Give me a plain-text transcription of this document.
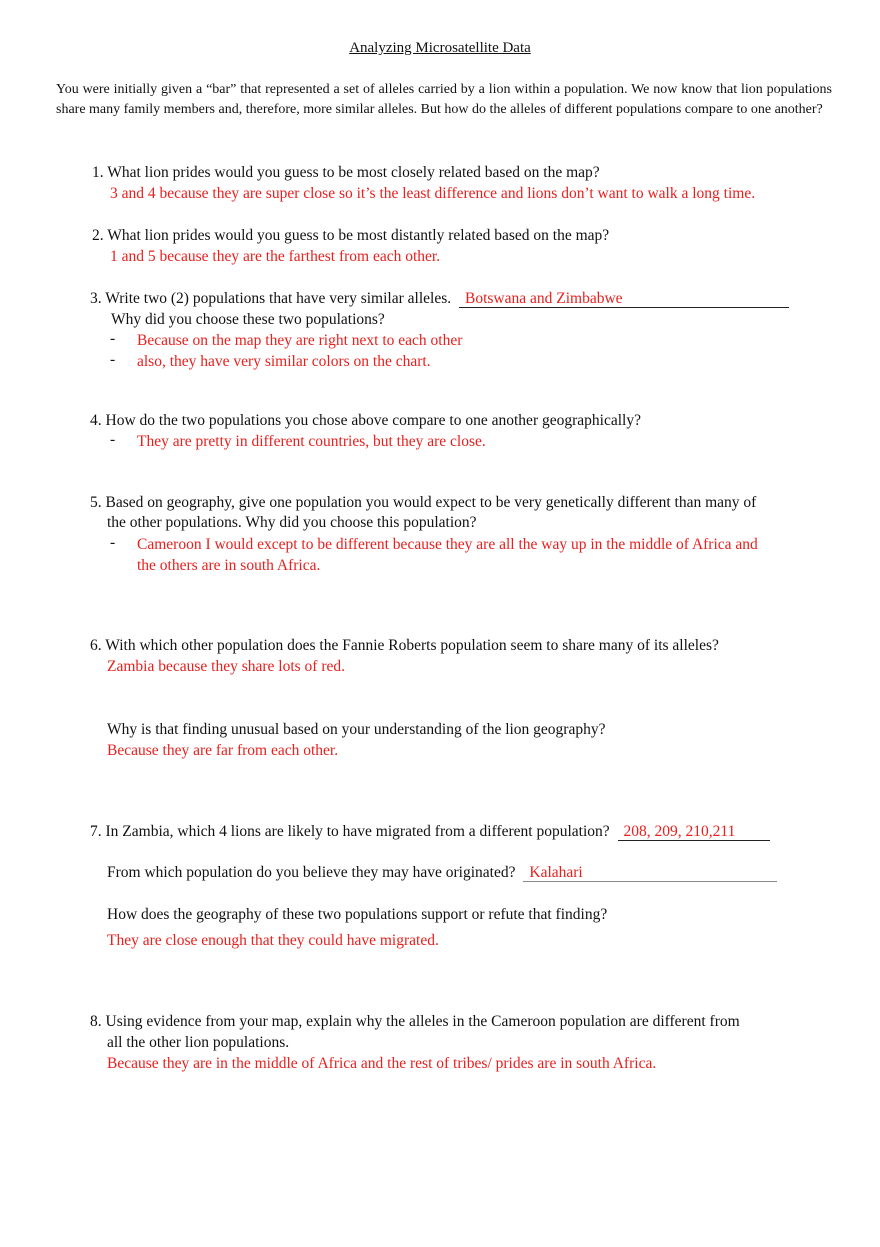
Analyzing Microsatellite Data
You were initially given a “bar” that represented a set of alleles carried by a lion within a population. We now know that lion populations share many family members and, therefore, more similar alleles. But how do the alleles of different populations compare to one another?
1. What lion prides would you guess to be most closely related based on the map?
3 and 4 because they are super close so it’s the least difference and lions don’t want to walk a long time.
2. What lion prides would you guess to be most distantly related based on the map?
1 and 5 because they are the farthest from each other.
3. Write two (2) populations that have very similar alleles. Botswana and Zimbabwe
Why did you choose these two populations?
- Because on the map they are right next to each other
- also, they have very similar colors on the chart.
4. How do the two populations you chose above compare to one another geographically?
- They are pretty in different countries, but they are close.
5. Based on geography, give one population you would expect to be very genetically different than many of
the other populations. Why did you choose this population?
- Cameroon I would except to be different because they are all the way up in the middle of Africa and
the others are in south Africa.
6. With which other population does the Fannie Roberts population seem to share many of its alleles?
Zambia because they share lots of red.
Why is that finding unusual based on your understanding of the lion geography?
Because they are far from each other.
7. In Zambia, which 4 lions are likely to have migrated from a different population? 208, 209, 210,211
From which population do you believe they may have originated? Kalahari
How does the geography of these two populations support or refute that finding?
They are close enough that they could have migrated.
8. Using evidence from your map, explain why the alleles in the Cameroon population are different from
all the other lion populations.
Because they are in the middle of Africa and the rest of tribes/ prides are in south Africa.
